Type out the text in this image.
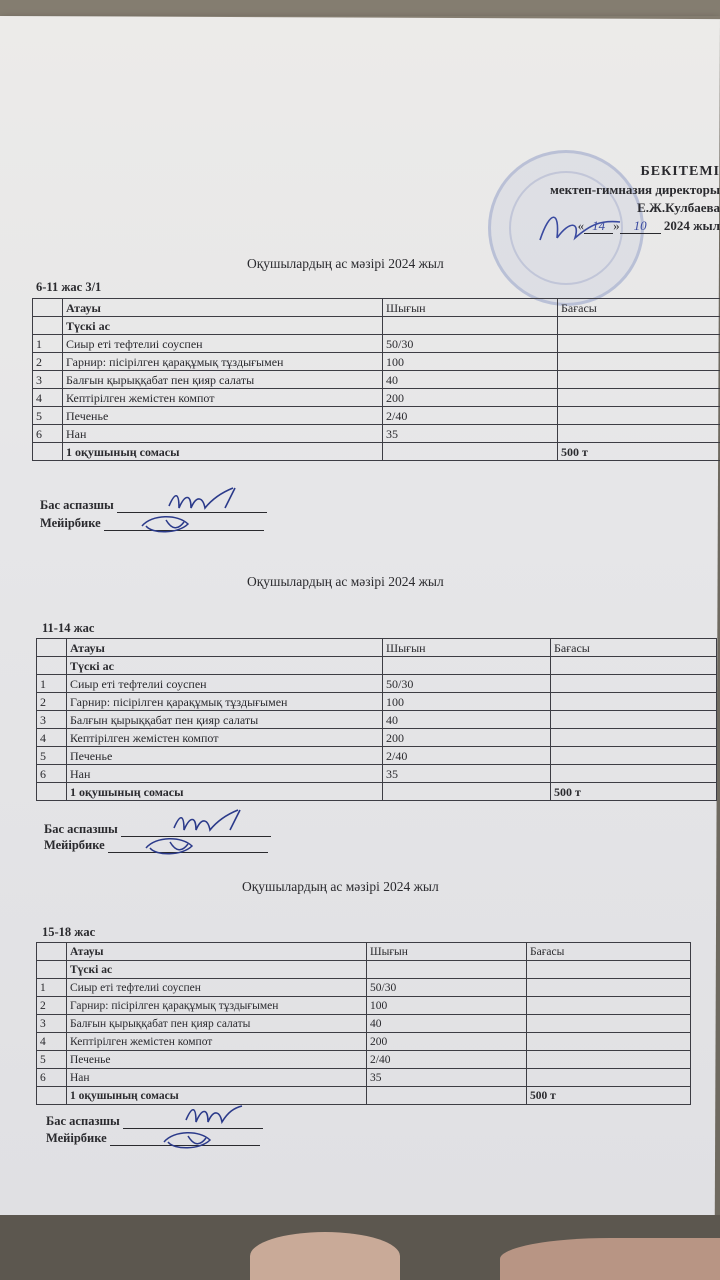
БЕКІТЕМІ
мектеп-гимназия директоры
Е.Ж.Кулбаева
« 14 » 10 2024 жыл
Оқушылардың ас мәзірі 2024 жыл
6-11 жас 3/1
	Атауы	Шығын	Бағасы
	Түскі ас		
1	Сиыр еті тефтелиі соуспен	50/30	
2	Гарнир: пісірілген қарақұмық тұздығымен	100	
3	Балғын қырыққабат пен қияр салаты	40	
4	Кептірілген жемістен компот	200	
5	Печенье	2/40	
6	Нан	35	
	1 оқушының сомасы		500 т
Бас аспазшы
Мейірбике
Оқушылардың ас мәзірі 2024 жыл
11-14 жас
	Атауы	Шығын	Бағасы
	Түскі ас		
1	Сиыр еті тефтелиі соуспен	50/30	
2	Гарнир: пісірілген қарақұмық тұздығымен	100	
3	Балғын қырыққабат пен қияр салаты	40	
4	Кептірілген жемістен компот	200	
5	Печенье	2/40	
6	Нан	35	
	1 оқушының сомасы		500 т
Бас аспазшы
Мейірбике
Оқушылардың ас мәзірі 2024 жыл
15-18 жас
	Атауы	Шығын	Бағасы
	Түскі ас		
1	Сиыр еті тефтелиі соуспен	50/30	
2	Гарнир: пісірілген қарақұмық тұздығымен	100	
3	Балғын қырыққабат пен қияр салаты	40	
4	Кептірілген жемістен компот	200	
5	Печенье	2/40	
6	Нан	35	
	1 оқушының сомасы		500 т
Бас аспазшы
Мейірбике
